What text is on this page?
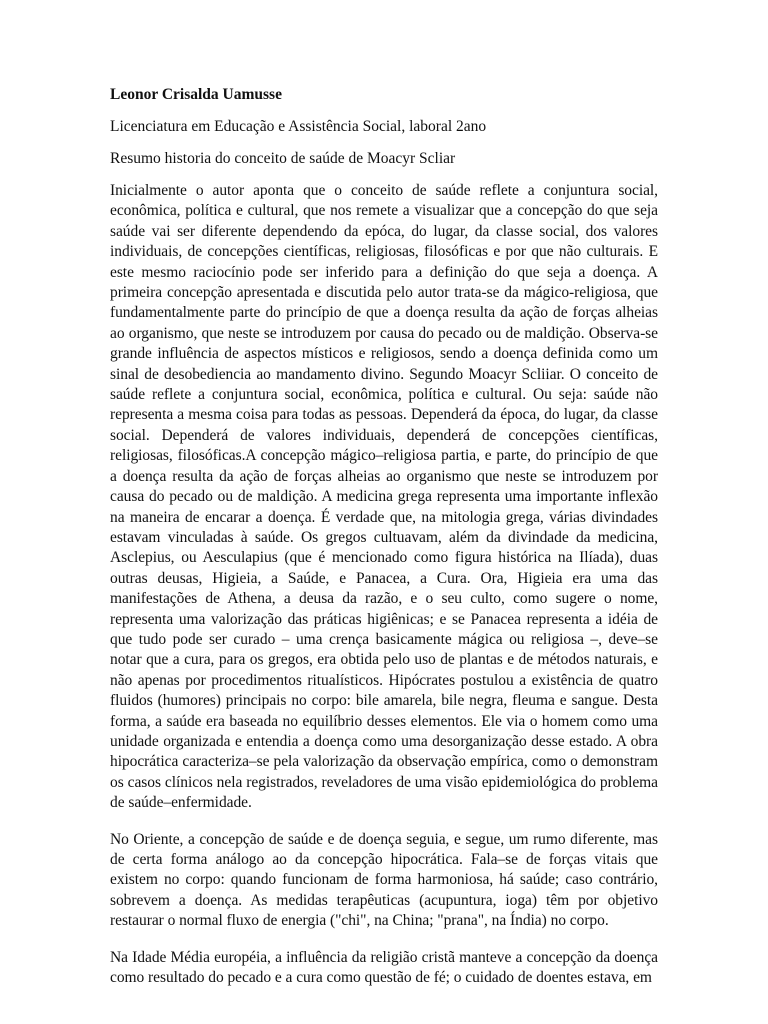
Leonor Crisalda Uamusse
Licenciatura em Educação e Assistência Social, laboral 2ano
Resumo historia do conceito de saúde de Moacyr Scliar

Inicialmente o autor aponta que o conceito de saúde reflete a conjuntura social, econômica, política e cultural, que nos remete a visualizar que a concepção do que seja saúde vai ser diferente dependendo da epóca, do lugar, da classe social, dos valores individuais, de concepções científicas, religiosas, filosóficas e por que não culturais. E este mesmo raciocínio pode ser inferido para a definição do que seja a doença. A primeira concepção apresentada e discutida pelo autor trata-se da mágico-religiosa, que fundamentalmente parte do princípio de que a doença resulta da ação de forças alheias ao organismo, que neste se introduzem por causa do pecado ou de maldição. Observa-se grande influência de aspectos místicos e religiosos, sendo a doença definida como um sinal de desobediencia ao mandamento divino. Segundo Moacyr Scliiar. O conceito de saúde reflete a conjuntura social, econômica, política e cultural. Ou seja: saúde não representa a mesma coisa para todas as pessoas. Dependerá da época, do lugar, da classe social. Dependerá de valores individuais, dependerá de concepções científicas, religiosas, filosóficas.A concepção mágico–religiosa partia, e parte, do princípio de que a doença resulta da ação de forças alheias ao organismo que neste se introduzem por causa do pecado ou de maldição. A medicina grega representa uma importante inflexão na maneira de encarar a doença. É verdade que, na mitologia grega, várias divindades estavam vinculadas à saúde. Os gregos cultuavam, além da divindade da medicina, Asclepius, ou Aesculapius (que é mencionado como figura histórica na Ilíada), duas outras deusas, Higieia, a Saúde, e Panacea, a Cura. Ora, Higieia era uma das manifestações de Athena, a deusa da razão, e o seu culto, como sugere o nome, representa uma valorização das práticas higiênicas; e se Panacea representa a idéia de que tudo pode ser curado – uma crença basicamente mágica ou religiosa –, deve–se notar que a cura, para os gregos, era obtida pelo uso de plantas e de métodos naturais, e não apenas por procedimentos ritualísticos. Hipócrates postulou a existência de quatro fluidos (humores) principais no corpo: bile amarela, bile negra, fleuma e sangue. Desta forma, a saúde era baseada no equilíbrio desses elementos. Ele via o homem como uma unidade organizada e entendia a doença como uma desorganização desse estado. A obra hipocrática caracteriza–se pela valorização da observação empírica, como o demonstram os casos clínicos nela registrados, reveladores de uma visão epidemiológica do problema de saúde–enfermidade.

No Oriente, a concepção de saúde e de doença seguia, e segue, um rumo diferente, mas de certa forma análogo ao da concepção hipocrática. Fala–se de forças vitais que existem no corpo: quando funcionam de forma harmoniosa, há saúde; caso contrário, sobrevem a doença. As medidas terapêuticas (acupuntura, ioga) têm por objetivo restaurar o normal fluxo de energia ("chi", na China; "prana", na Índia) no corpo.

Na Idade Média européia, a influência da religião cristã manteve a concepção da doença como resultado do pecado e a cura como questão de fé; o cuidado de doentes estava, em
